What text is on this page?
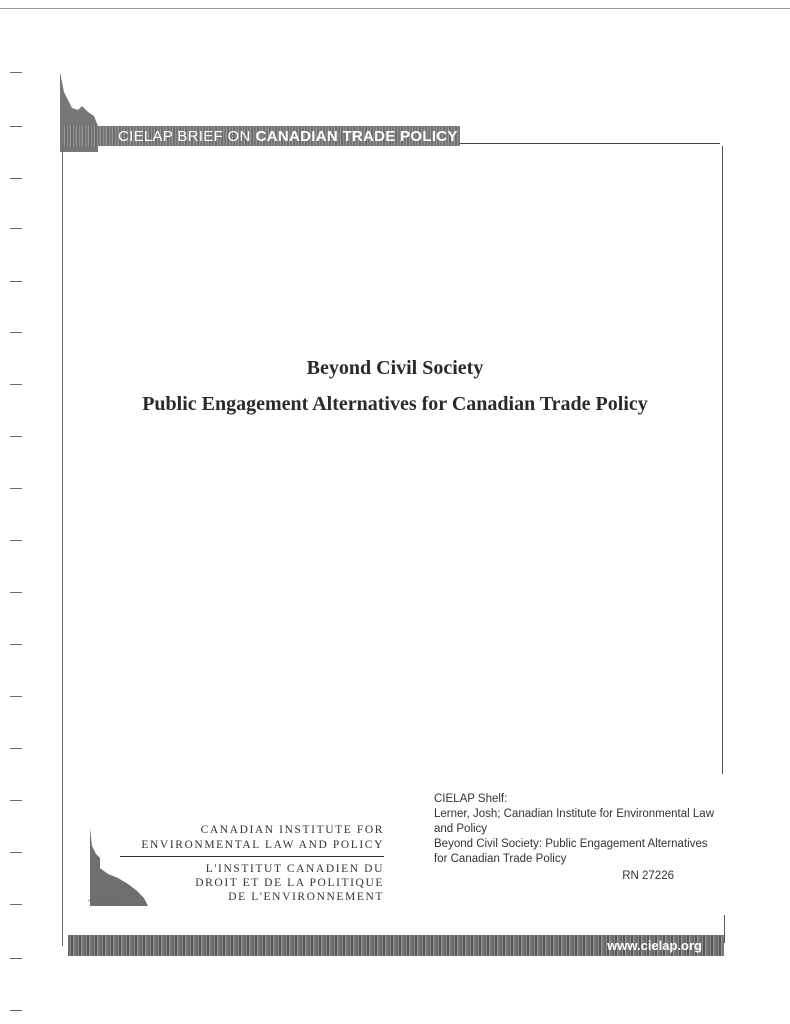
CIELAP BRIEF ON CANADIAN TRADE POLICY
Beyond Civil Society
Public Engagement Alternatives for Canadian Trade Policy
CIELAP Shelf:
Lerner, Josh; Canadian Institute for Environmental Law
and Policy
Beyond Civil Society: Public Engagement Alternatives
for Canadian Trade Policy
RN 27226
Since/depuis 1970
CANADIAN INSTITUTE FOR
ENVIRONMENTAL LAW AND POLICY
L'INSTITUT CANADIEN DU
DROIT ET DE LA POLITIQUE
DE L'ENVIRONNEMENT
www.cielap.org
